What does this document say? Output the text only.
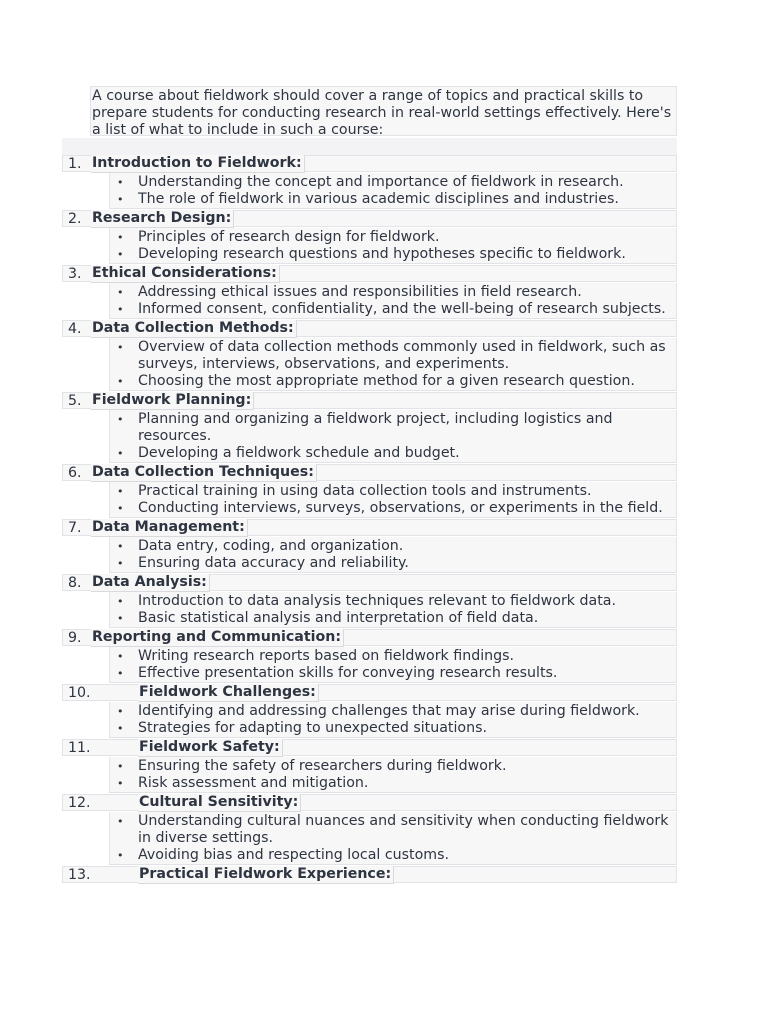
A course about fieldwork should cover a range of topics and practical skills to prepare students for conducting research in real-world settings effectively. Here's a list of what to include in such a course:
1. Introduction to Fieldwork:
• Understanding the concept and importance of fieldwork in research.
• The role of fieldwork in various academic disciplines and industries.
2. Research Design:
• Principles of research design for fieldwork.
• Developing research questions and hypotheses specific to fieldwork.
3. Ethical Considerations:
• Addressing ethical issues and responsibilities in field research.
• Informed consent, confidentiality, and the well-being of research subjects.
4. Data Collection Methods:
• Overview of data collection methods commonly used in fieldwork, such as surveys, interviews, observations, and experiments.
• Choosing the most appropriate method for a given research question.
5. Fieldwork Planning:
• Planning and organizing a fieldwork project, including logistics and resources.
• Developing a fieldwork schedule and budget.
6. Data Collection Techniques:
• Practical training in using data collection tools and instruments.
• Conducting interviews, surveys, observations, or experiments in the field.
7. Data Management:
• Data entry, coding, and organization.
• Ensuring data accuracy and reliability.
8. Data Analysis:
• Introduction to data analysis techniques relevant to fieldwork data.
• Basic statistical analysis and interpretation of field data.
9. Reporting and Communication:
• Writing research reports based on fieldwork findings.
• Effective presentation skills for conveying research results.
10.	Fieldwork Challenges:
• Identifying and addressing challenges that may arise during fieldwork.
• Strategies for adapting to unexpected situations.
11.	Fieldwork Safety:
• Ensuring the safety of researchers during fieldwork.
• Risk assessment and mitigation.
12.	Cultural Sensitivity:
• Understanding cultural nuances and sensitivity when conducting fieldwork in diverse settings.
• Avoiding bias and respecting local customs.
13.	Practical Fieldwork Experience:
